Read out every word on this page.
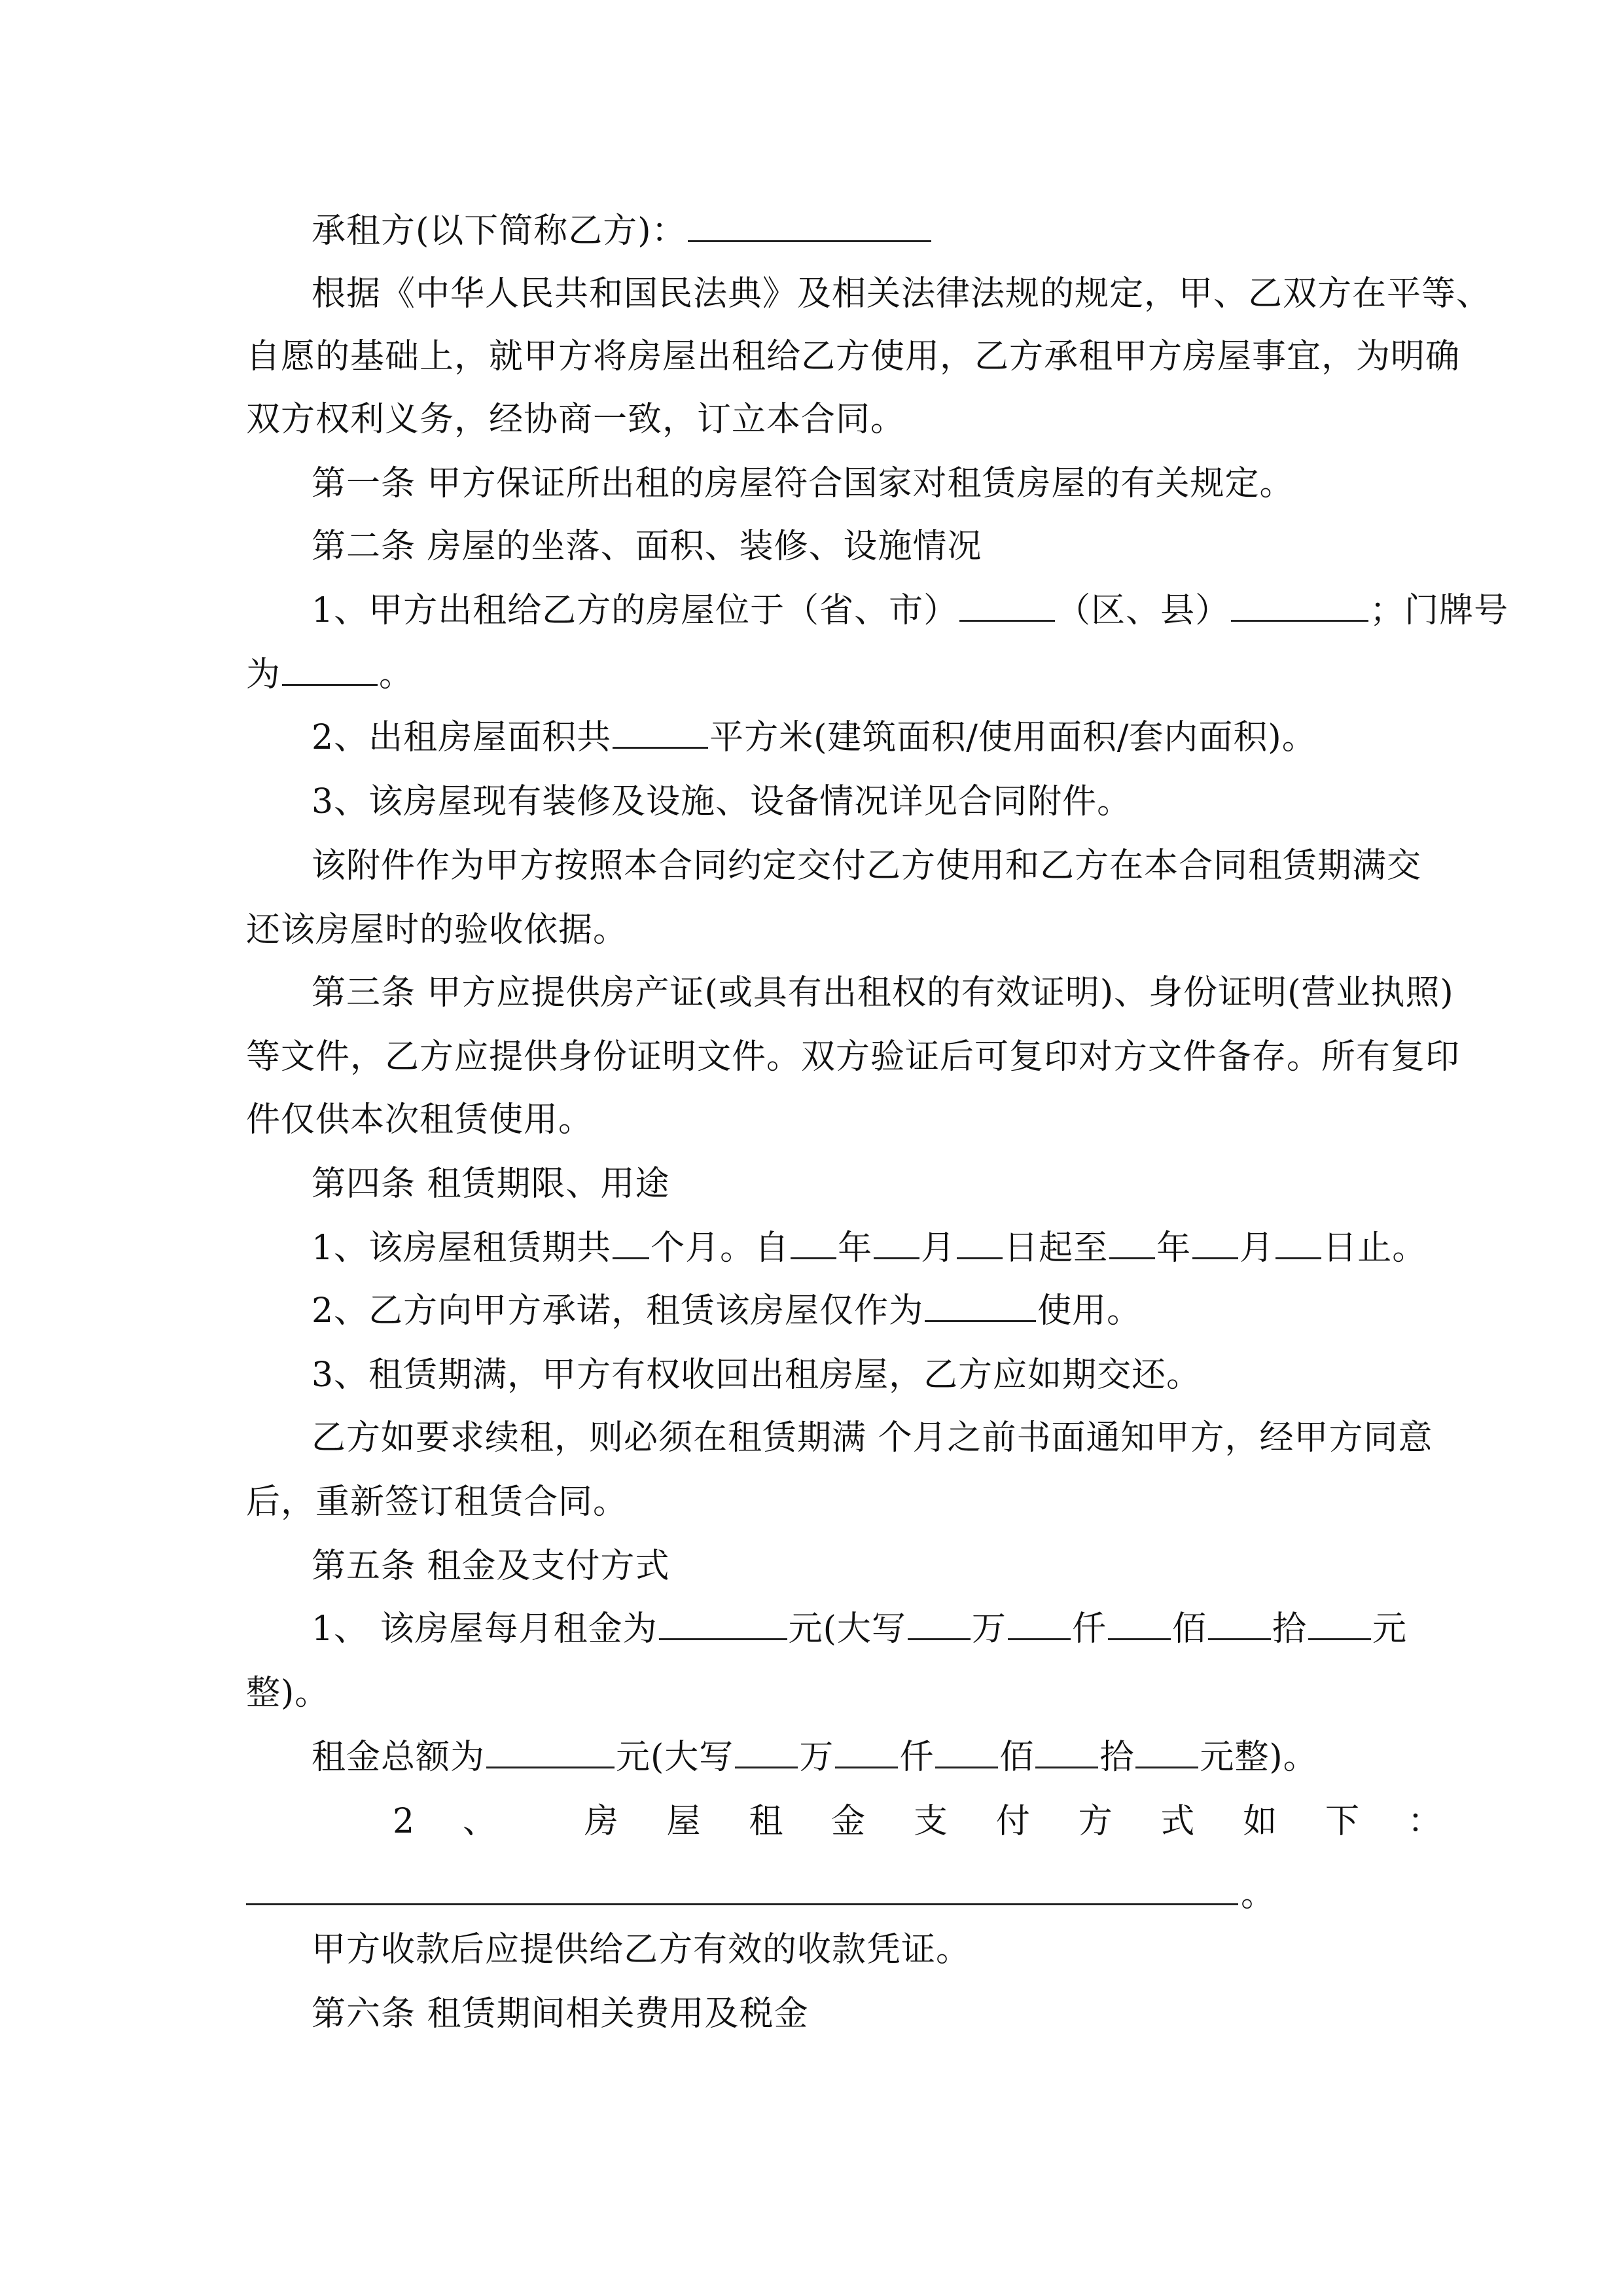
承租方(以下简称乙方)：
根据《中华人民共和国民法典》及相关法律法规的规定，甲、乙双方在平等、
自愿的基础上，就甲方将房屋出租给乙方使用，乙方承租甲方房屋事宜，为明确
双方权利义务，经协商一致，订立本合同。
第一条 甲方保证所出租的房屋符合国家对租赁房屋的有关规定。
第二条 房屋的坐落、面积、装修、设施情况
1、甲方出租给乙方的房屋位于（省、市）	（区、县）	；门牌号
为	。
2、出租房屋面积共	平方米(建筑面积/使用面积/套内面积)。
3、该房屋现有装修及设施、设备情况详见合同附件。
该附件作为甲方按照本合同约定交付乙方使用和乙方在本合同租赁期满交
还该房屋时的验收依据。
第三条 甲方应提供房产证(或具有出租权的有效证明)、身份证明(营业执照)
等文件，乙方应提供身份证明文件。双方验证后可复印对方文件备存。所有复印
件仅供本次租赁使用。
第四条 租赁期限、用途
1、该房屋租赁期共 个月。自 年 月 日起至 年 月 日止。
2、乙方向甲方承诺，租赁该房屋仅作为	使用。
3、租赁期满，甲方有权收回出租房屋，乙方应如期交还。
乙方如要求续租，则必须在租赁期满 个月之前书面通知甲方，经甲方同意
后，重新签订租赁合同。
第五条 租金及支付方式
1、 该房屋每月租金为	元(大写 万 仟 佰 拾 元
整)。
租金总额为	元(大写 万 仟 佰 拾 元整)。
2 、	房 屋 租 金 支 付 方 式 如 下 ：
。
甲方收款后应提供给乙方有效的收款凭证。
第六条 租赁期间相关费用及税金
